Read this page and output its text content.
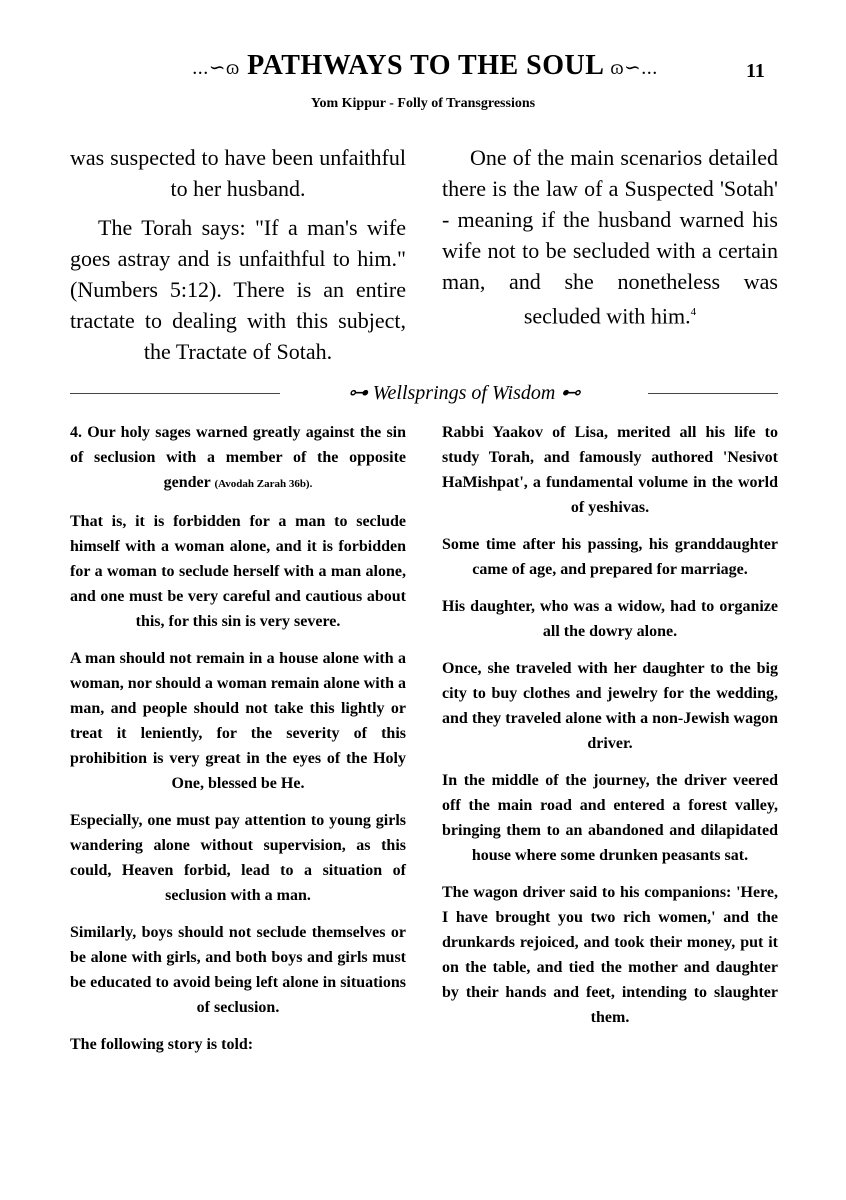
...∽ɷ PATHWAYS TO THE SOUL ɷ∽...	11
Yom Kippur - Folly of Transgressions

was suspected to have been unfaithful to her husband.

The Torah says: "If a man's wife goes astray and is unfaithful to him." (Numbers 5:12). There is an entire tractate to dealing with this subject, the Tractate of Sotah.

One of the main scenarios detailed there is the law of a Suspected 'Sotah' - meaning if the husband warned his wife not to be secluded with a certain man, and she nonetheless was secluded with him.$^4$

⊶ Wellsprings of Wisdom ⊷

4. Our holy sages warned greatly against the sin of seclusion with a member of the opposite gender (Avodah Zarah 36b).

That is, it is forbidden for a man to seclude himself with a woman alone, and it is forbidden for a woman to seclude herself with a man alone, and one must be very careful and cautious about this, for this sin is very severe.

A man should not remain in a house alone with a woman, nor should a woman remain alone with a man, and people should not take this lightly or treat it leniently, for the severity of this prohibition is very great in the eyes of the Holy One, blessed be He.

Especially, one must pay attention to young girls wandering alone without supervision, as this could, Heaven forbid, lead to a situation of seclusion with a man.

Similarly, boys should not seclude themselves or be alone with girls, and both boys and girls must be educated to avoid being left alone in situations of seclusion.

The following story is told:

Rabbi Yaakov of Lisa, merited all his life to study Torah, and famously authored 'Nesivot HaMishpat', a fundamental volume in the world of yeshivas.

Some time after his passing, his granddaughter came of age, and prepared for marriage.

His daughter, who was a widow, had to organize all the dowry alone.

Once, she traveled with her daughter to the big city to buy clothes and jewelry for the wedding, and they traveled alone with a non-Jewish wagon driver.

In the middle of the journey, the driver veered off the main road and entered a forest valley, bringing them to an abandoned and dilapidated house where some drunken peasants sat.

The wagon driver said to his companions: 'Here, I have brought you two rich women,' and the drunkards rejoiced, and took their money, put it on the table, and tied the mother and daughter by their hands and feet, intending to slaughter them.
